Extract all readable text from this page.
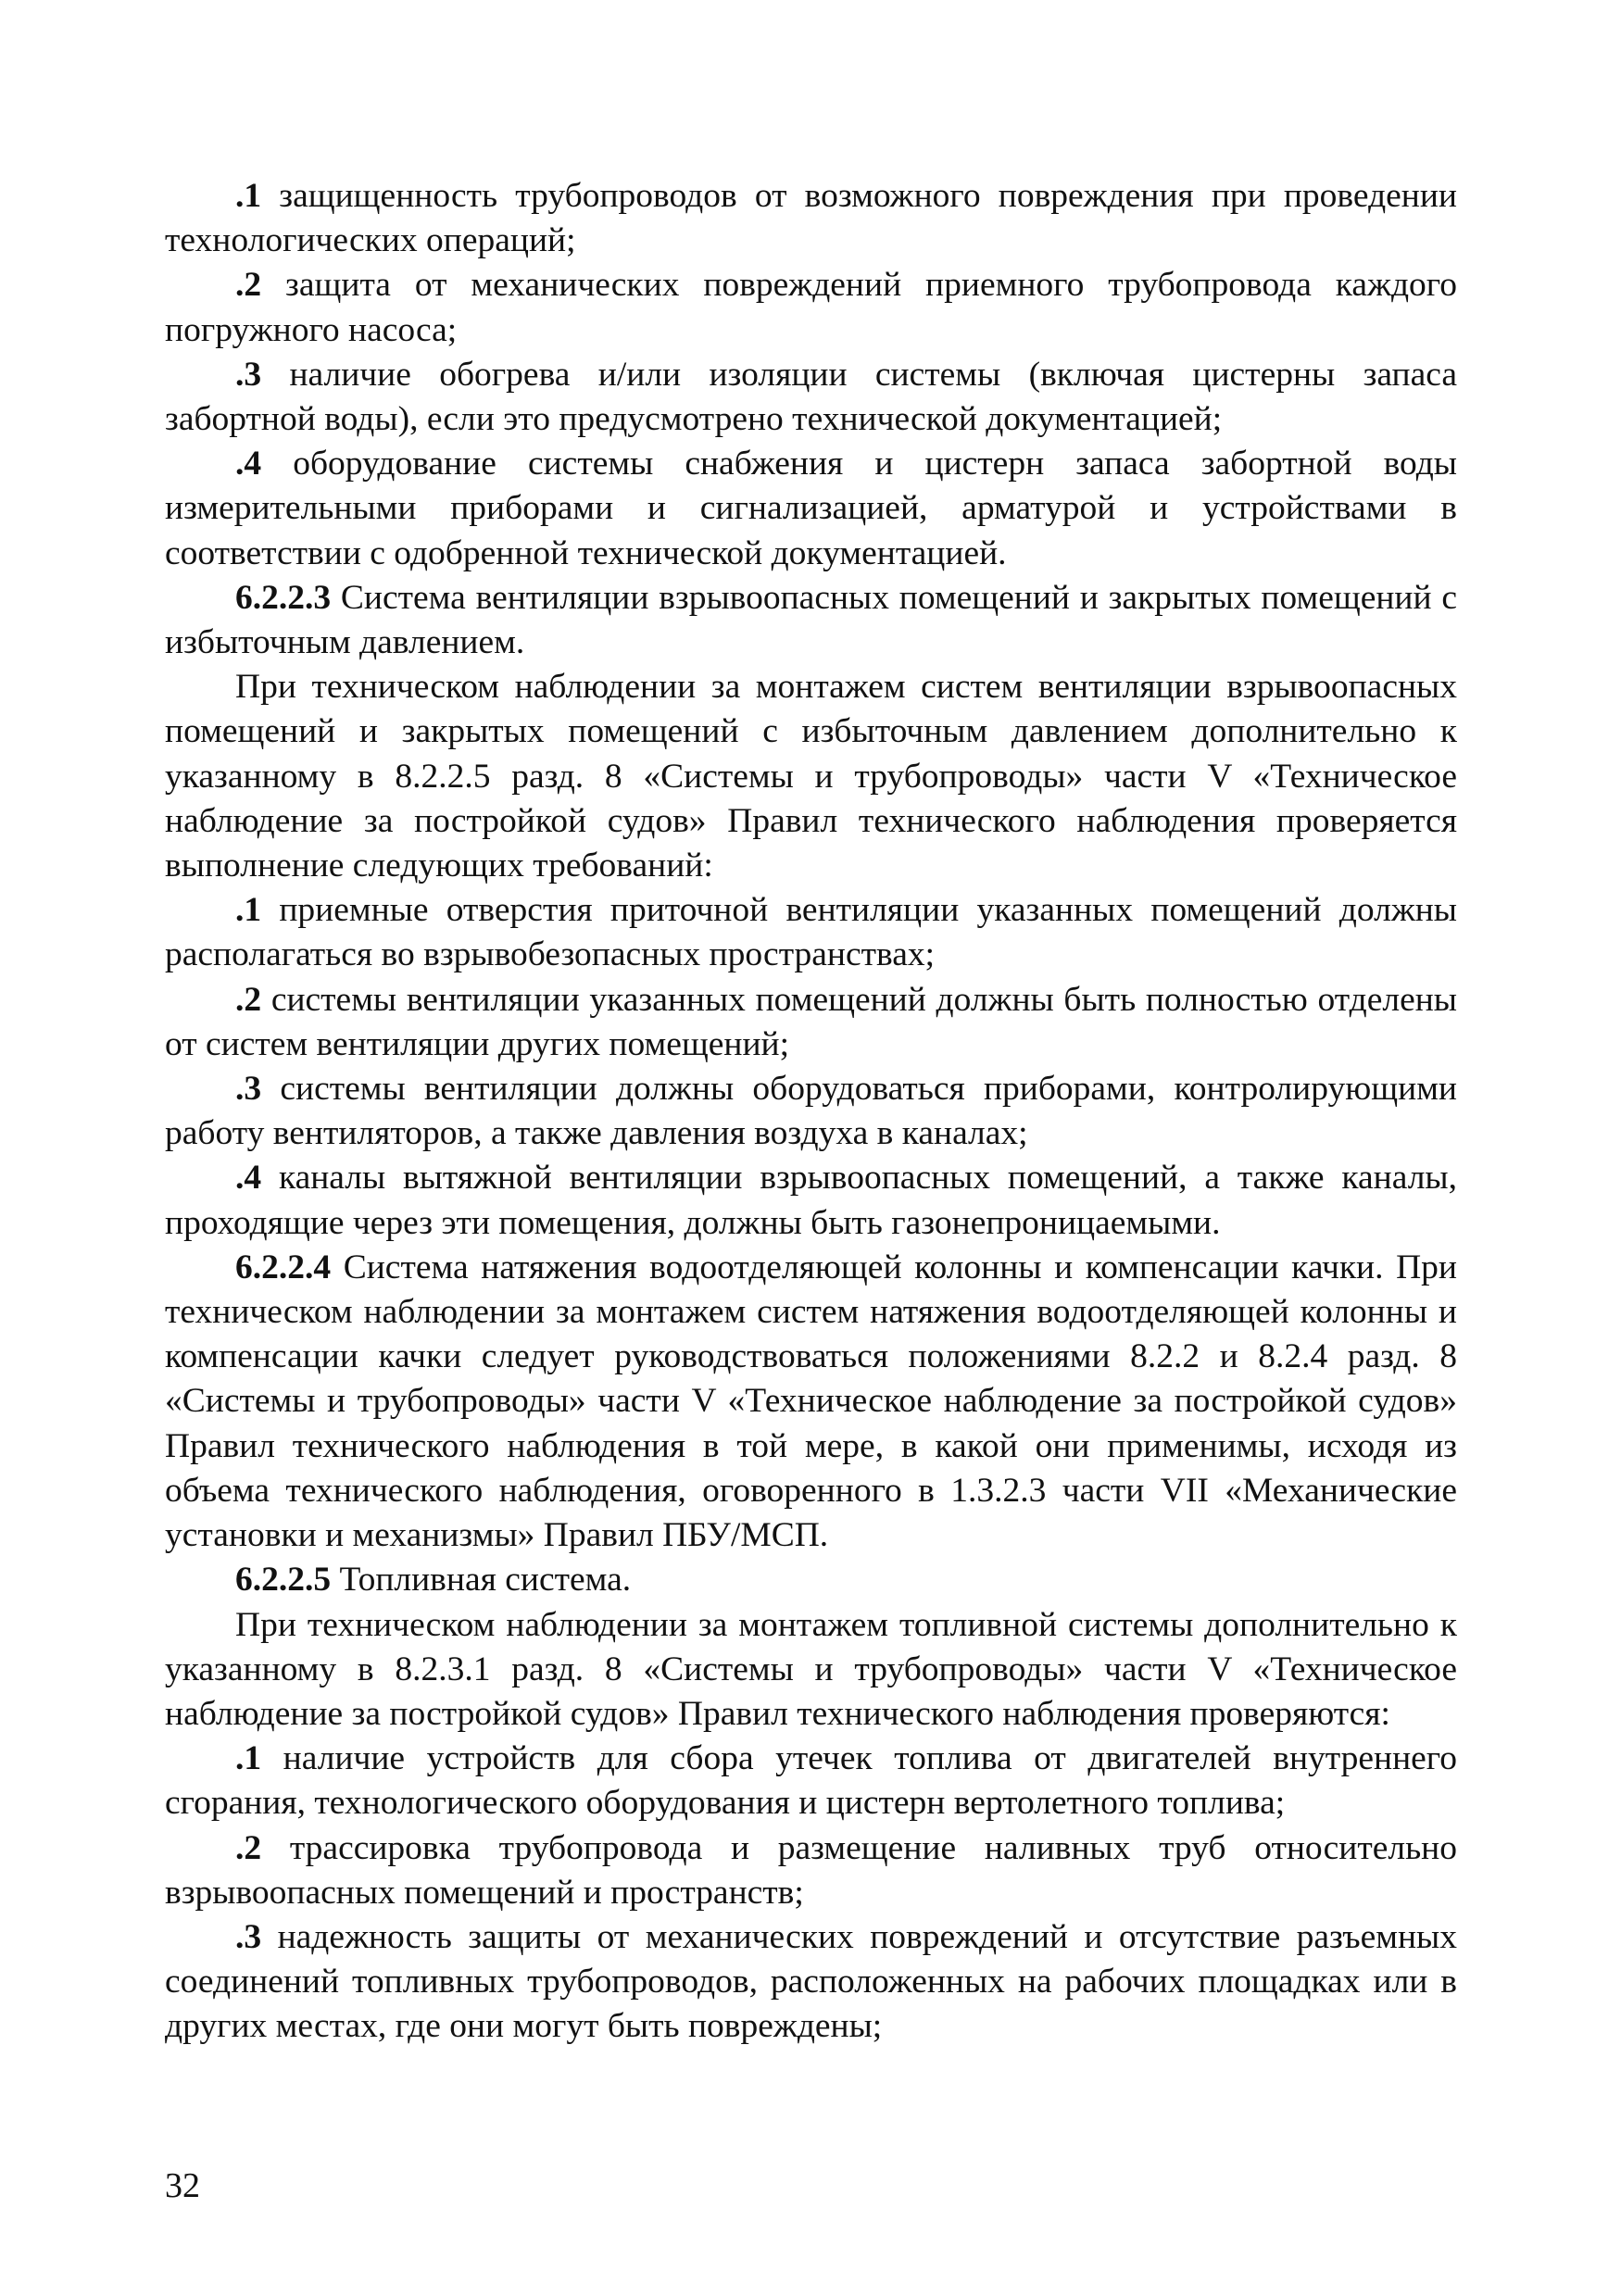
.1 защищенность трубопроводов от возможного повреждения при проведении технологических операций;

.2 защита от механических повреждений приемного трубопровода каждого погружного насоса;

.3 наличие обогрева и/или изоляции системы (включая цистерны запаса забортной воды), если это предусмотрено технической документацией;

.4 оборудование системы снабжения и цистерн запаса забортной воды измерительными приборами и сигнализацией, арматурой и устройствами в соответствии с одобренной технической документацией.

6.2.2.3 Система вентиляции взрывоопасных помещений и закрытых помещений с избыточным давлением.

При техническом наблюдении за монтажем систем вентиляции взрывоопасных помещений и закрытых помещений с избыточным давлением дополнительно к указанному в 8.2.2.5 разд. 8 «Системы и трубопроводы» части V «Техническое наблюдение за постройкой судов» Правил технического наблюдения проверяется выполнение следующих требований:

.1 приемные отверстия приточной вентиляции указанных помещений должны располагаться во взрывобезопасных пространствах;

.2 системы вентиляции указанных помещений должны быть полностью отделены от систем вентиляции других помещений;

.3 системы вентиляции должны оборудоваться приборами, контролирующими работу вентиляторов, а также давления воздуха в каналах;

.4 каналы вытяжной вентиляции взрывоопасных помещений, а также каналы, проходящие через эти помещения, должны быть газонепроницаемыми.

6.2.2.4 Система натяжения водоотделяющей колонны и компенсации качки. При техническом наблюдении за монтажем систем натяжения водоотделяющей колонны и компенсации качки следует руководствоваться положениями 8.2.2 и 8.2.4 разд. 8 «Системы и трубопроводы» части V «Техническое наблюдение за постройкой судов» Правил технического наблюдения в той мере, в какой они применимы, исходя из объема технического наблюдения, оговоренного в 1.3.2.3 части VII «Механические установки и механизмы» Правил ПБУ/МСП.

6.2.2.5 Топливная система.

При техническом наблюдении за монтажем топливной системы дополнительно к указанному в 8.2.3.1 разд. 8 «Системы и трубопроводы» части V «Техническое наблюдение за постройкой судов» Правил технического наблюдения проверяются:

.1 наличие устройств для сбора утечек топлива от двигателей внутреннего сгорания, технологического оборудования и цистерн вертолетного топлива;

.2 трассировка трубопровода и размещение наливных труб относительно взрывоопасных помещений и пространств;

.3 надежность защиты от механических повреждений и отсутствие разъемных соединений топливных трубопроводов, расположенных на рабочих площадках или в других местах, где они могут быть повреждены;

32
